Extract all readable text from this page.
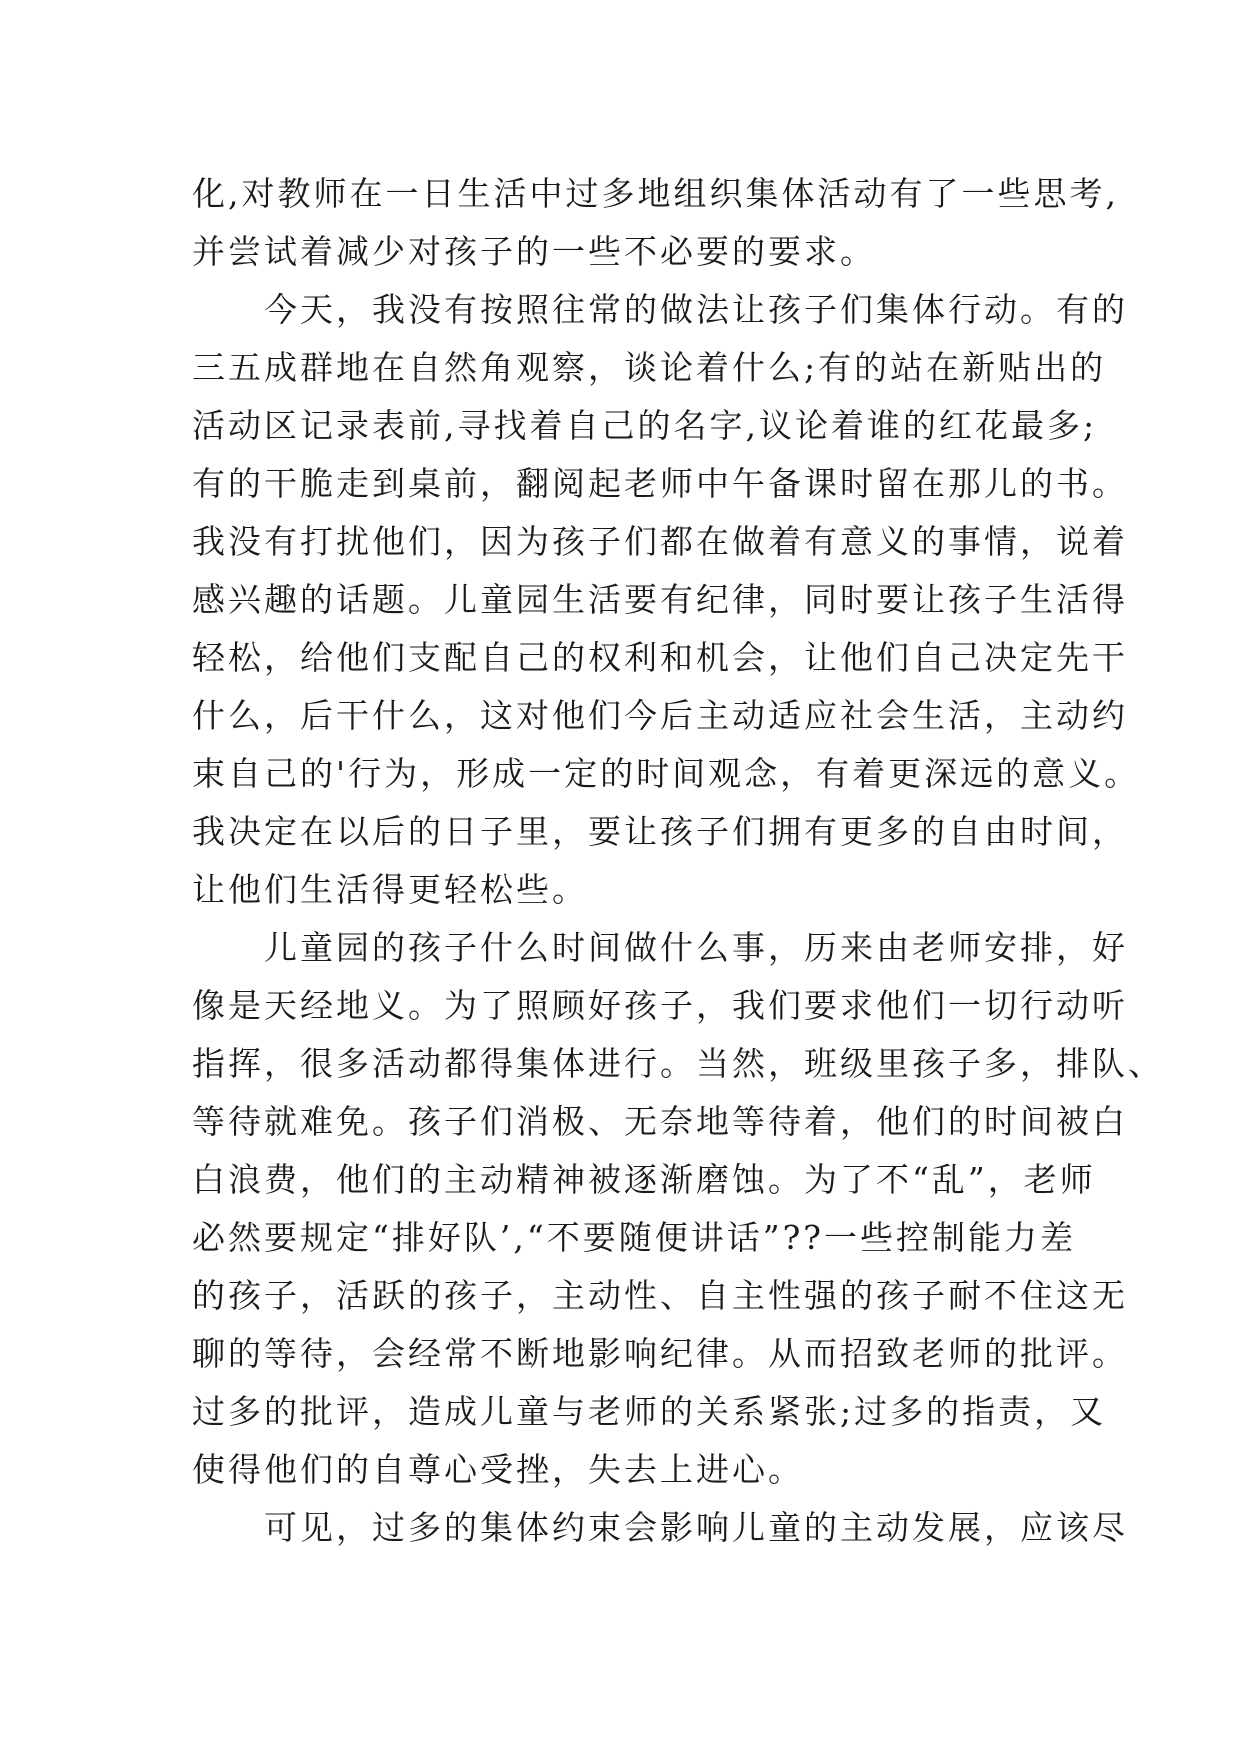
化,对教师在一日生活中过多地组织集体活动有了一些思考,
并尝试着减少对孩子的一些不必要的要求。
　　今天，我没有按照往常的做法让孩子们集体行动。有的
三五成群地在自然角观察，谈论着什么;有的站在新贴出的
活动区记录表前,寻找着自己的名字,议论着谁的红花最多;
有的干脆走到桌前，翻阅起老师中午备课时留在那儿的书。
我没有打扰他们，因为孩子们都在做着有意义的事情，说着
感兴趣的话题。儿童园生活要有纪律，同时要让孩子生活得
轻松，给他们支配自己的权利和机会，让他们自己决定先干
什么，后干什么，这对他们今后主动适应社会生活，主动约
束自己的'行为，形成一定的时间观念，有着更深远的意义。
我决定在以后的日子里，要让孩子们拥有更多的自由时间，
让他们生活得更轻松些。
　　儿童园的孩子什么时间做什么事，历来由老师安排，好
像是天经地义。为了照顾好孩子，我们要求他们一切行动听
指挥，很多活动都得集体进行。当然，班级里孩子多，排队、
等待就难免。孩子们消极、无奈地等待着，他们的时间被白
白浪费，他们的主动精神被逐渐磨蚀。为了不“乱”，老师
必然要规定“排好队’,“不要随便讲话”??一些控制能力差
的孩子，活跃的孩子，主动性、自主性强的孩子耐不住这无
聊的等待，会经常不断地影响纪律。从而招致老师的批评。
过多的批评，造成儿童与老师的关系紧张;过多的指责，又
使得他们的自尊心受挫，失去上进心。
　　可见，过多的集体约束会影响儿童的主动发展，应该尽
